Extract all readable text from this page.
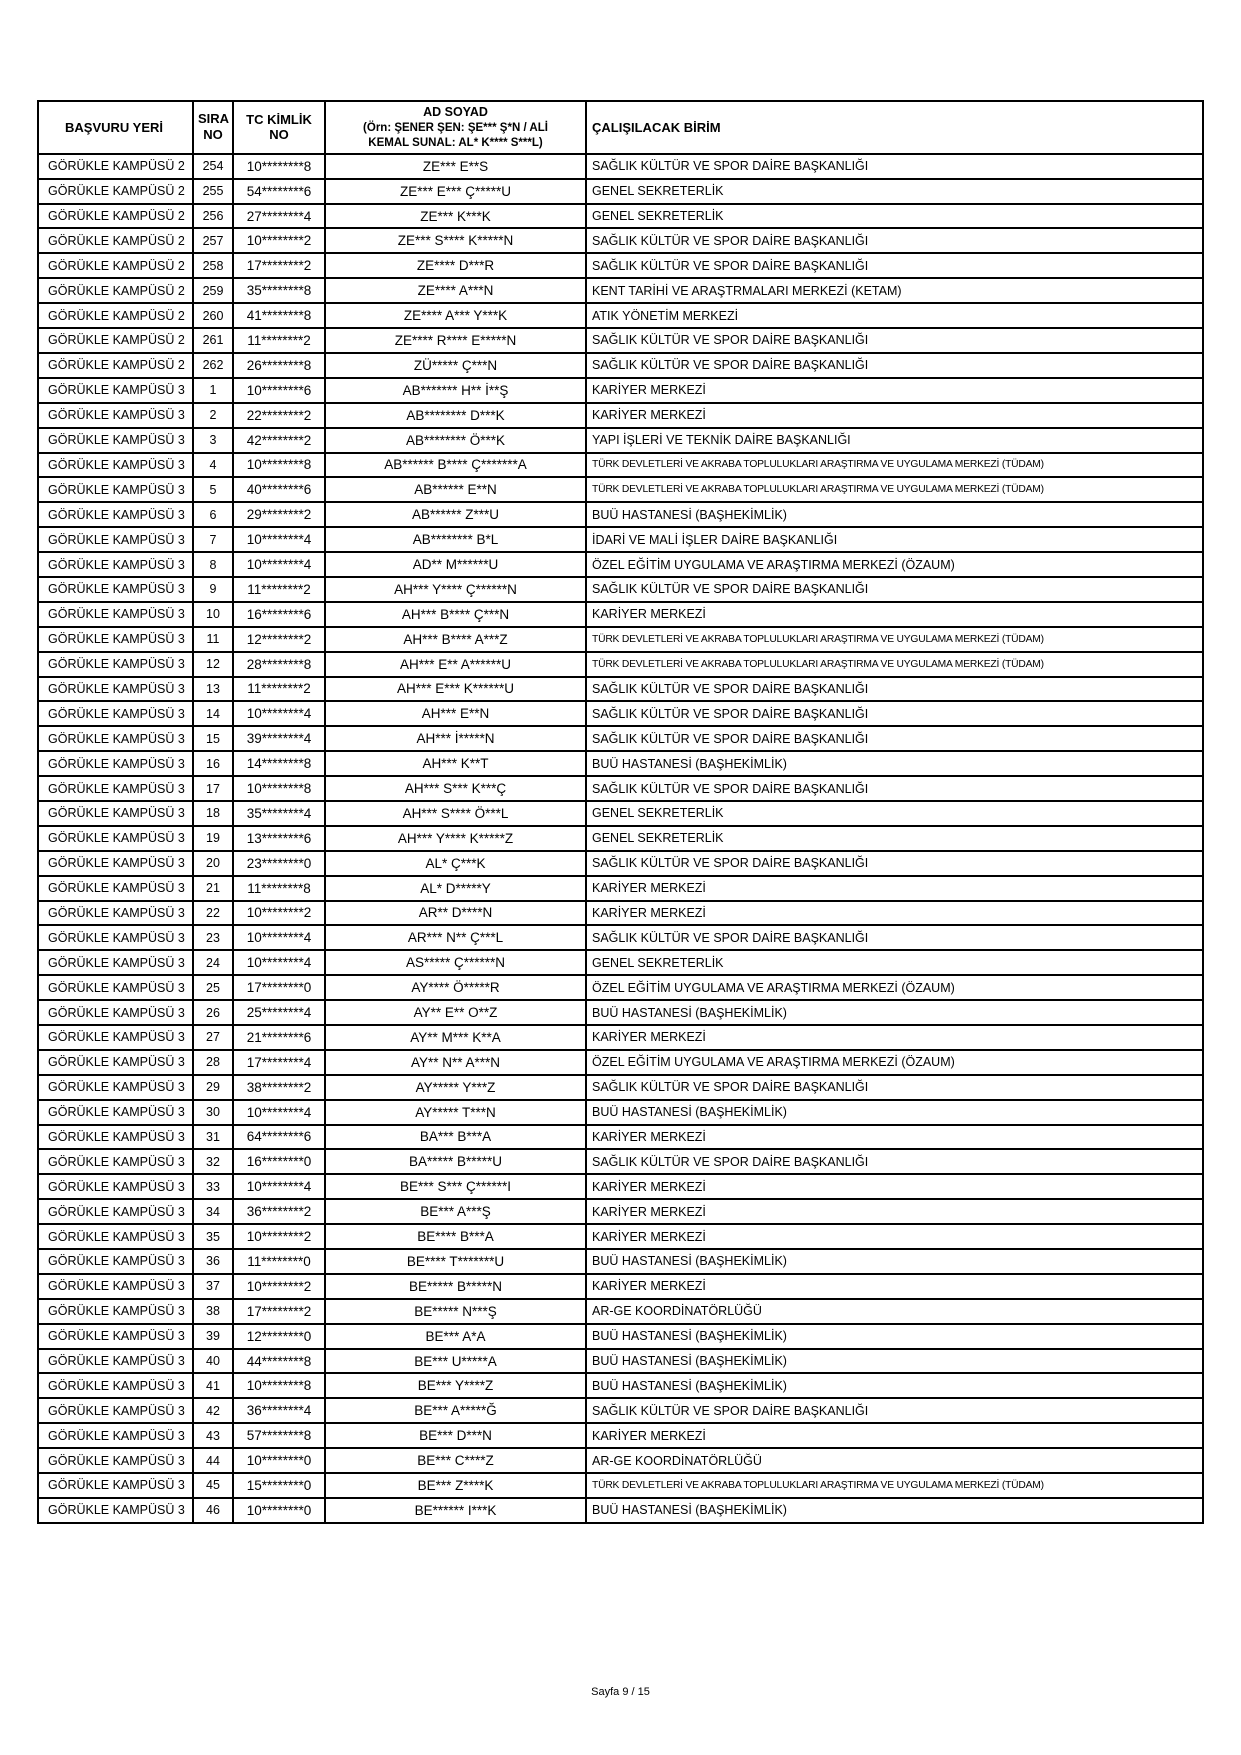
BAŞVURU YERİ	SIRA NO	TC KİMLİK NO	AD SOYAD
(Örn: ŞENER ŞEN: ŞE*** Ş*N / ALİ
KEMAL SUNAL: AL* K**** S***L)	ÇALIŞILACAK BİRİM
GÖRÜKLE KAMPÜSÜ 2	254	10********8	ZE*** E**S	SAĞLIK KÜLTÜR VE SPOR DAİRE BAŞKANLIĞI
GÖRÜKLE KAMPÜSÜ 2	255	54********6	ZE*** E*** Ç*****U	GENEL SEKRETERLİK
GÖRÜKLE KAMPÜSÜ 2	256	27********4	ZE*** K***K	GENEL SEKRETERLİK
GÖRÜKLE KAMPÜSÜ 2	257	10********2	ZE*** S**** K*****N	SAĞLIK KÜLTÜR VE SPOR DAİRE BAŞKANLIĞI
GÖRÜKLE KAMPÜSÜ 2	258	17********2	ZE**** D***R	SAĞLIK KÜLTÜR VE SPOR DAİRE BAŞKANLIĞI
GÖRÜKLE KAMPÜSÜ 2	259	35********8	ZE**** A***N	KENT TARİHİ VE ARAŞTRMALARI MERKEZİ (KETAM)
GÖRÜKLE KAMPÜSÜ 2	260	41********8	ZE**** A*** Y***K	ATIK YÖNETİM MERKEZİ
GÖRÜKLE KAMPÜSÜ 2	261	11********2	ZE**** R**** E*****N	SAĞLIK KÜLTÜR VE SPOR DAİRE BAŞKANLIĞI
GÖRÜKLE KAMPÜSÜ 2	262	26********8	ZÜ***** Ç***N	SAĞLIK KÜLTÜR VE SPOR DAİRE BAŞKANLIĞI
GÖRÜKLE KAMPÜSÜ 3	1	10********6	AB******* H** İ**Ş	KARİYER MERKEZİ
GÖRÜKLE KAMPÜSÜ 3	2	22********2	AB******** D***K	KARİYER MERKEZİ
GÖRÜKLE KAMPÜSÜ 3	3	42********2	AB******** Ö***K	YAPI İŞLERİ VE TEKNİK DAİRE BAŞKANLIĞI
GÖRÜKLE KAMPÜSÜ 3	4	10********8	AB****** B**** Ç*******A	TÜRK DEVLETLERİ VE AKRABA TOPLULUKLARI ARAŞTIRMA VE UYGULAMA MERKEZİ (TÜDAM)
GÖRÜKLE KAMPÜSÜ 3	5	40********6	AB****** E**N	TÜRK DEVLETLERİ VE AKRABA TOPLULUKLARI ARAŞTIRMA VE UYGULAMA MERKEZİ (TÜDAM)
GÖRÜKLE KAMPÜSÜ 3	6	29********2	AB****** Z***U	BUÜ HASTANESİ (BAŞHEKİMLİK)
GÖRÜKLE KAMPÜSÜ 3	7	10********4	AB******** B*L	İDARİ VE MALİ İŞLER DAİRE BAŞKANLIĞI
GÖRÜKLE KAMPÜSÜ 3	8	10********4	AD** M******U	ÖZEL EĞİTİM UYGULAMA VE ARAŞTIRMA MERKEZİ (ÖZAUM)
GÖRÜKLE KAMPÜSÜ 3	9	11********2	AH*** Y**** Ç******N	SAĞLIK KÜLTÜR VE SPOR DAİRE BAŞKANLIĞI
GÖRÜKLE KAMPÜSÜ 3	10	16********6	AH*** B**** Ç***N	KARİYER MERKEZİ
GÖRÜKLE KAMPÜSÜ 3	11	12********2	AH*** B**** A***Z	TÜRK DEVLETLERİ VE AKRABA TOPLULUKLARI ARAŞTIRMA VE UYGULAMA MERKEZİ (TÜDAM)
GÖRÜKLE KAMPÜSÜ 3	12	28********8	AH*** E** A******U	TÜRK DEVLETLERİ VE AKRABA TOPLULUKLARI ARAŞTIRMA VE UYGULAMA MERKEZİ (TÜDAM)
GÖRÜKLE KAMPÜSÜ 3	13	11********2	AH*** E*** K******U	SAĞLIK KÜLTÜR VE SPOR DAİRE BAŞKANLIĞI
GÖRÜKLE KAMPÜSÜ 3	14	10********4	AH*** E**N	SAĞLIK KÜLTÜR VE SPOR DAİRE BAŞKANLIĞI
GÖRÜKLE KAMPÜSÜ 3	15	39********4	AH*** İ*****N	SAĞLIK KÜLTÜR VE SPOR DAİRE BAŞKANLIĞI
GÖRÜKLE KAMPÜSÜ 3	16	14********8	AH*** K**T	BUÜ HASTANESİ (BAŞHEKİMLİK)
GÖRÜKLE KAMPÜSÜ 3	17	10********8	AH*** S*** K***Ç	SAĞLIK KÜLTÜR VE SPOR DAİRE BAŞKANLIĞI
GÖRÜKLE KAMPÜSÜ 3	18	35********4	AH*** S**** Ö***L	GENEL SEKRETERLİK
GÖRÜKLE KAMPÜSÜ 3	19	13********6	AH*** Y**** K*****Z	GENEL SEKRETERLİK
GÖRÜKLE KAMPÜSÜ 3	20	23********0	AL* Ç***K	SAĞLIK KÜLTÜR VE SPOR DAİRE BAŞKANLIĞI
GÖRÜKLE KAMPÜSÜ 3	21	11********8	AL* D*****Y	KARİYER MERKEZİ
GÖRÜKLE KAMPÜSÜ 3	22	10********2	AR** D****N	KARİYER MERKEZİ
GÖRÜKLE KAMPÜSÜ 3	23	10********4	AR*** N** Ç***L	SAĞLIK KÜLTÜR VE SPOR DAİRE BAŞKANLIĞI
GÖRÜKLE KAMPÜSÜ 3	24	10********4	AS***** Ç******N	GENEL SEKRETERLİK
GÖRÜKLE KAMPÜSÜ 3	25	17********0	AY**** Ö*****R	ÖZEL EĞİTİM UYGULAMA VE ARAŞTIRMA MERKEZİ (ÖZAUM)
GÖRÜKLE KAMPÜSÜ 3	26	25********4	AY** E** O**Z	BUÜ HASTANESİ (BAŞHEKİMLİK)
GÖRÜKLE KAMPÜSÜ 3	27	21********6	AY** M*** K**A	KARİYER MERKEZİ
GÖRÜKLE KAMPÜSÜ 3	28	17********4	AY** N** A***N	ÖZEL EĞİTİM UYGULAMA VE ARAŞTIRMA MERKEZİ (ÖZAUM)
GÖRÜKLE KAMPÜSÜ 3	29	38********2	AY***** Y***Z	SAĞLIK KÜLTÜR VE SPOR DAİRE BAŞKANLIĞI
GÖRÜKLE KAMPÜSÜ 3	30	10********4	AY***** T***N	BUÜ HASTANESİ (BAŞHEKİMLİK)
GÖRÜKLE KAMPÜSÜ 3	31	64********6	BA*** B***A	KARİYER MERKEZİ
GÖRÜKLE KAMPÜSÜ 3	32	16********0	BA***** B*****U	SAĞLIK KÜLTÜR VE SPOR DAİRE BAŞKANLIĞI
GÖRÜKLE KAMPÜSÜ 3	33	10********4	BE*** S*** Ç******I	KARİYER MERKEZİ
GÖRÜKLE KAMPÜSÜ 3	34	36********2	BE*** A***Ş	KARİYER MERKEZİ
GÖRÜKLE KAMPÜSÜ 3	35	10********2	BE**** B***A	KARİYER MERKEZİ
GÖRÜKLE KAMPÜSÜ 3	36	11********0	BE**** T*******U	BUÜ HASTANESİ (BAŞHEKİMLİK)
GÖRÜKLE KAMPÜSÜ 3	37	10********2	BE***** B*****N	KARİYER MERKEZİ
GÖRÜKLE KAMPÜSÜ 3	38	17********2	BE***** N***Ş	AR-GE KOORDİNATÖRLÜĞÜ
GÖRÜKLE KAMPÜSÜ 3	39	12********0	BE*** A*A	BUÜ HASTANESİ (BAŞHEKİMLİK)
GÖRÜKLE KAMPÜSÜ 3	40	44********8	BE*** U*****A	BUÜ HASTANESİ (BAŞHEKİMLİK)
GÖRÜKLE KAMPÜSÜ 3	41	10********8	BE*** Y****Z	BUÜ HASTANESİ (BAŞHEKİMLİK)
GÖRÜKLE KAMPÜSÜ 3	42	36********4	BE*** A*****Ğ	SAĞLIK KÜLTÜR VE SPOR DAİRE BAŞKANLIĞI
GÖRÜKLE KAMPÜSÜ 3	43	57********8	BE*** D***N	KARİYER MERKEZİ
GÖRÜKLE KAMPÜSÜ 3	44	10********0	BE*** C****Z	AR-GE KOORDİNATÖRLÜĞÜ
GÖRÜKLE KAMPÜSÜ 3	45	15********0	BE*** Z****K	TÜRK DEVLETLERİ VE AKRABA TOPLULUKLARI ARAŞTIRMA VE UYGULAMA MERKEZİ (TÜDAM)
GÖRÜKLE KAMPÜSÜ 3	46	10********0	BE****** I***K	BUÜ HASTANESİ (BAŞHEKİMLİK)
Sayfa 9 / 15
